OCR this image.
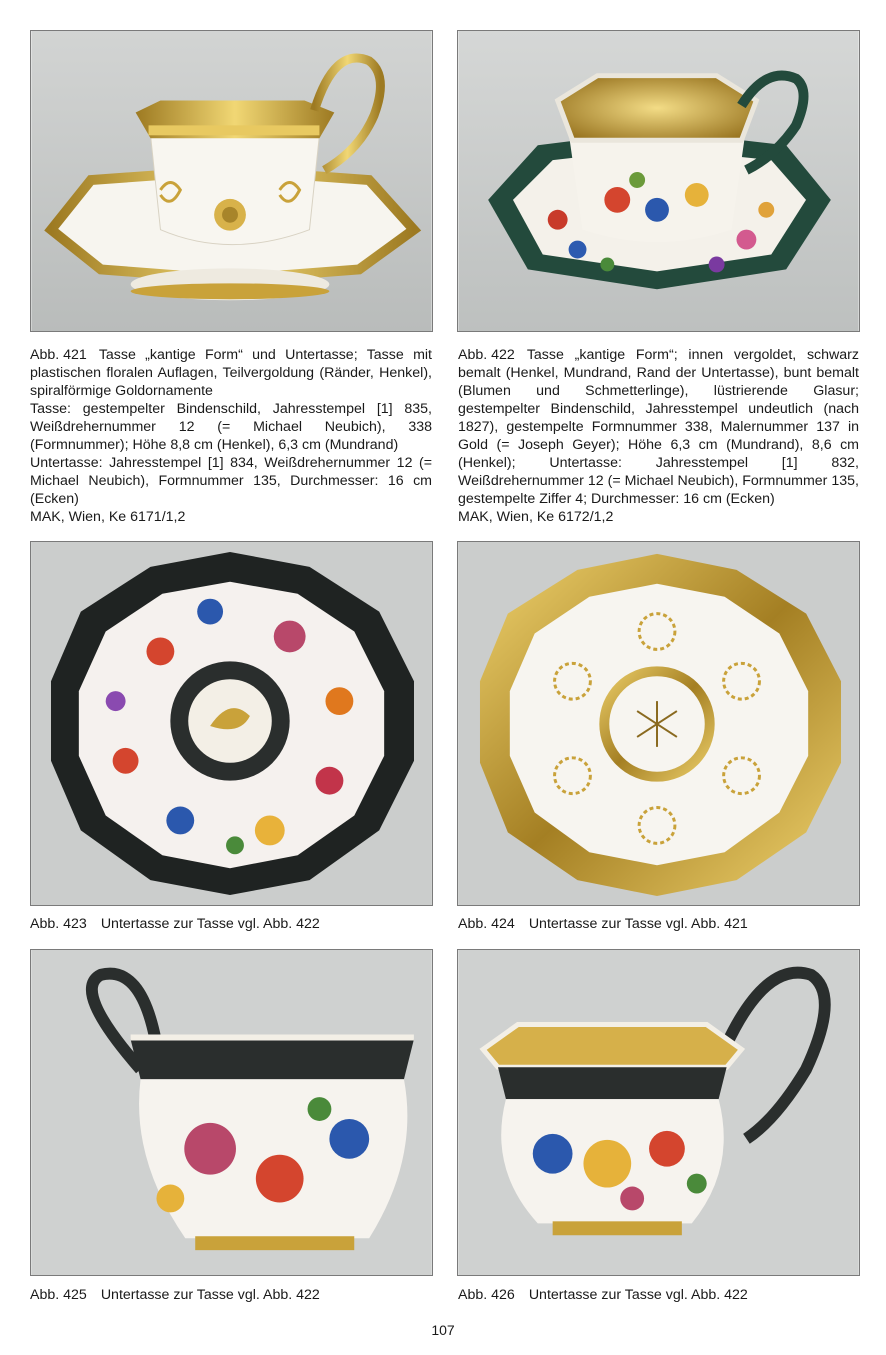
Abb. 421 Tasse „kantige Form“ und Untertasse; Tasse mit plastischen floralen Auflagen, Teilvergoldung (Ränder, Henkel), spiralförmige Goldornamente
Tasse: gestempelter Bindenschild, Jahresstempel [1] 835, Weißdrehernummer 12 (= Michael Neubich), 338 (Formnummer); Höhe 8,8 cm (Henkel), 6,3 cm (Mundrand)
Untertasse: Jahresstempel [1] 834, Weißdrehernummer 12 (= Michael Neubich), Formnummer 135, Durchmesser: 16 cm (Ecken)
MAK, Wien, Ke 6171/1,2
Abb. 422 Tasse „kantige Form“; innen vergoldet, schwarz bemalt (Henkel, Mundrand, Rand der Untertasse), bunt bemalt (Blumen und Schmetterlinge), lüstrierende Glasur; gestempelter Bindenschild, Jahresstempel undeutlich (nach 1827), gestempelte Formnummer 338, Malernummer 137 in Gold (= Joseph Geyer); Höhe 6,3 cm (Mundrand), 8,6 cm (Henkel); Untertasse: Jahresstempel [1] 832, Weißdrehernummer 12 (= Michael Neubich), Formnummer 135, gestempelte Ziffer 4; Durchmesser: 16 cm (Ecken)
MAK, Wien, Ke 6172/1,2
Abb. 423 Untertasse zur Tasse vgl. Abb. 422	Abb. 424 Untertasse zur Tasse vgl. Abb. 421
Abb. 425 Untertasse zur Tasse vgl. Abb. 422	Abb. 426 Untertasse zur Tasse vgl. Abb. 422
107
